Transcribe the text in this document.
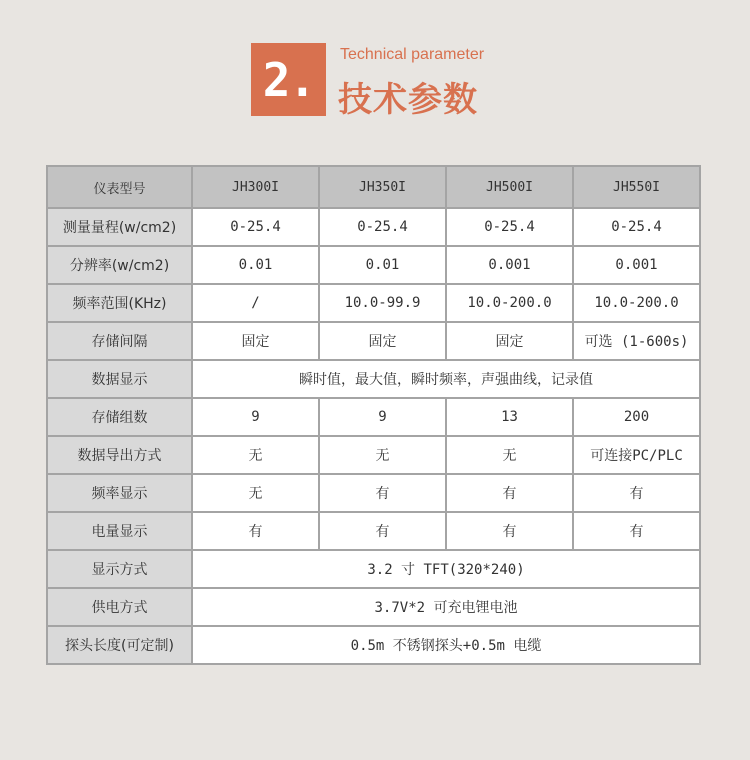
2.	Technical parameter
技术参数
仪表型号	JH300I	JH350I	JH500I	JH550I
测量量程(w/cm2)	0-25.4	0-25.4	0-25.4	0-25.4
分辨率(w/cm2)	0.01	0.01	0.001	0.001
频率范围(KHz)	/	10.0-99.9	10.0-200.0	10.0-200.0
存储间隔	固定	固定	固定	可选 (1-600s)
数据显示	瞬时值，最大值，瞬时频率，声强曲线，记录值			
存储组数	9	9	13	200
数据导出方式	无	无	无	可连接PC/PLC
频率显示	无	有	有	有
电量显示	有	有	有	有
显示方式	3.2 寸 TFT(320*240)			
供电方式	3.7V*2 可充电锂电池			
探头长度(可定制)	0.5m 不锈钢探头+0.5m 电缆			
